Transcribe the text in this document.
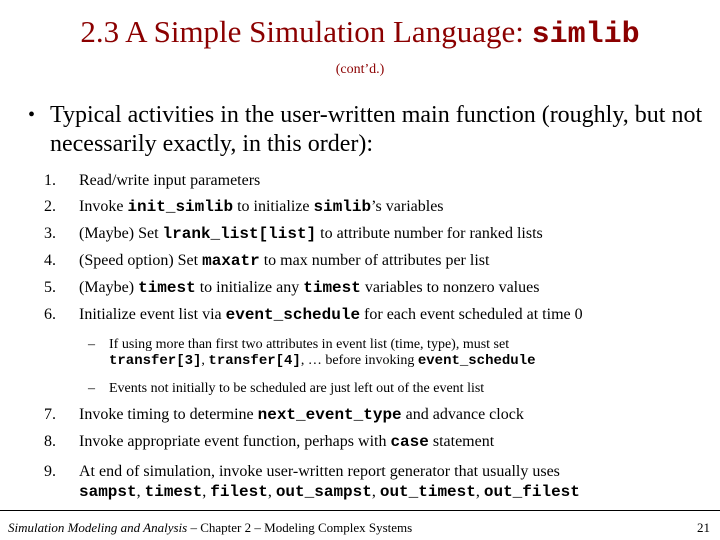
2.3 A Simple Simulation Language: simlib
(cont’d.)
• Typical activities in the user-written main function (roughly, but not necessarily exactly, in this order):
1.	Read/write input parameters
2.	Invoke init_simlib to initialize simlib’s variables
3.	(Maybe) Set lrank_list[list] to attribute number for ranked lists
4.	(Speed option) Set maxatr to max number of attributes per list
5.	(Maybe) timest to initialize any timest variables to nonzero values
6.	Initialize event list via event_schedule for each event scheduled at time 0
– If using more than first two attributes in event list (time, type), must set
transfer[3], transfer[4], … before invoking event_schedule
– Events not initially to be scheduled are just left out of the event list
7.	Invoke timing to determine next_event_type and advance clock
8.	Invoke appropriate event function, perhaps with case statement
9.	At end of simulation, invoke user-written report generator that usually uses
sampst, timest, filest, out_sampst, out_timest, out_filest
Simulation Modeling and Analysis – Chapter 2 – Modeling Complex Systems	21
